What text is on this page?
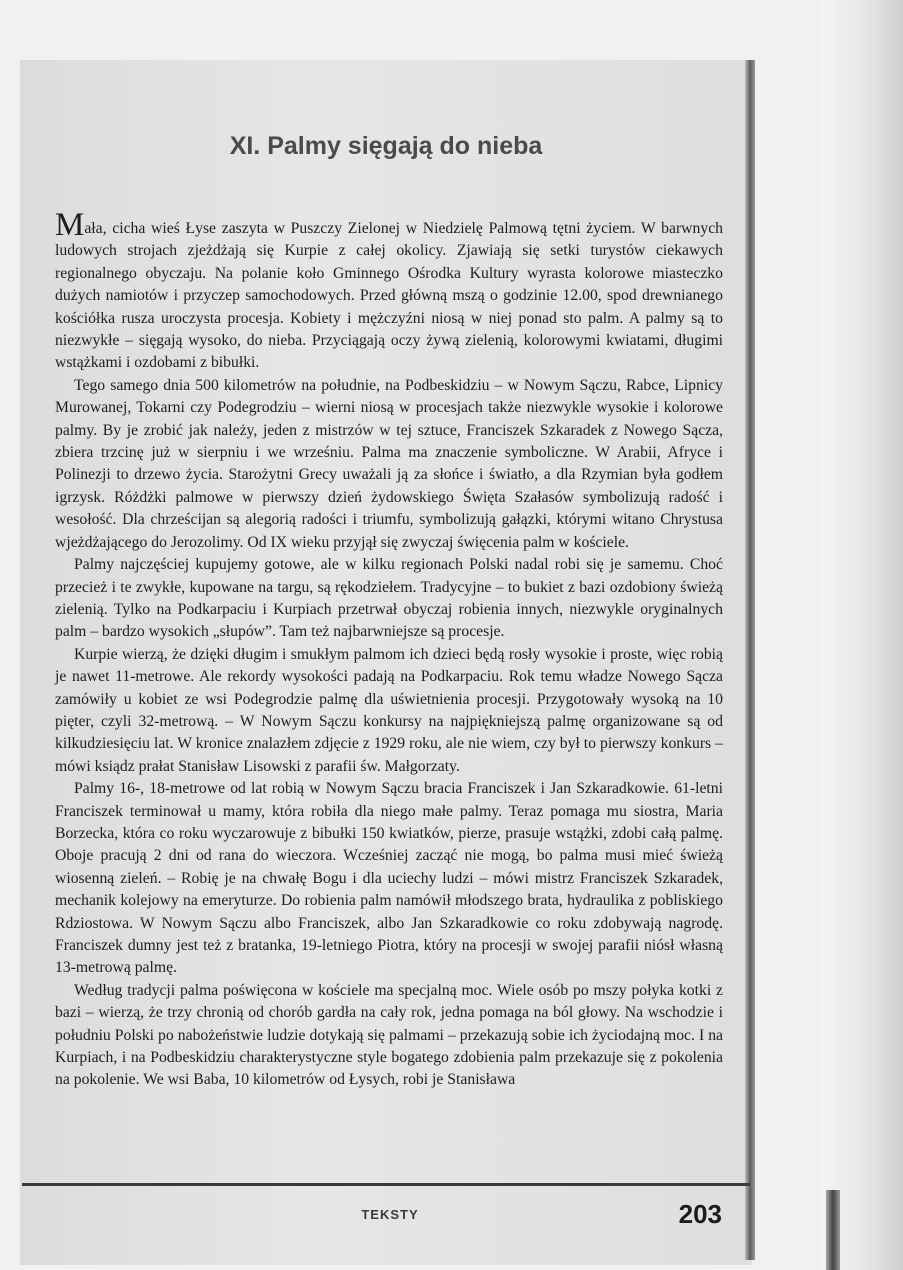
XI. Palmy sięgają do nieba

Mała, cicha wieś Łyse zaszyta w Puszczy Zielonej w Niedzielę Palmową tętni życiem. W barwnych ludowych strojach zjeżdżają się Kurpie z całej okolicy. Zjawiają się setki turystów ciekawych regionalnego obyczaju. Na polanie koło Gminnego Ośrodka Kultury wyrasta kolorowe miasteczko dużych namiotów i przyczep samochodowych. Przed główną mszą o godzinie 12.00, spod drewnianego kościółka rusza uroczysta procesja. Kobiety i mężczyźni niosą w niej ponad sto palm. A palmy są to niezwykłe – sięgają wysoko, do nieba. Przyciągają oczy żywą zielenią, kolorowymi kwiatami, długimi wstążkami i ozdobami z bibułki.

Tego samego dnia 500 kilometrów na południe, na Podbeskidziu – w Nowym Sączu, Rabce, Lipnicy Murowanej, Tokarni czy Podegrodziu – wierni niosą w procesjach także niezwykle wysokie i kolorowe palmy. By je zrobić jak należy, jeden z mistrzów w tej sztuce, Franciszek Szkaradek z Nowego Sącza, zbiera trzcinę już w sierpniu i we wrześniu. Palma ma znaczenie symboliczne. W Arabii, Afryce i Polinezji to drzewo życia. Starożytni Grecy uważali ją za słońce i światło, a dla Rzymian była godłem igrzysk. Różdżki palmowe w pierwszy dzień żydowskiego Święta Szałasów symbolizują radość i wesołość. Dla chrześcijan są alegorią radości i triumfu, symbolizują gałązki, którymi witano Chrystusa wjeżdżającego do Jerozolimy. Od IX wieku przyjął się zwyczaj święcenia palm w kościele.

Palmy najczęściej kupujemy gotowe, ale w kilku regionach Polski nadal robi się je samemu. Choć przecież i te zwykłe, kupowane na targu, są rękodziełem. Tradycyjne – to bukiet z bazi ozdobiony świeżą zielenią. Tylko na Podkarpaciu i Kurpiach przetrwał obyczaj robienia innych, niezwykle oryginalnych palm – bardzo wysokich „słupów”. Tam też najbarwniejsze są procesje.

Kurpie wierzą, że dzięki długim i smukłym palmom ich dzieci będą rosły wysokie i proste, więc robią je nawet 11-metrowe. Ale rekordy wysokości padają na Podkarpaciu. Rok temu władze Nowego Sącza zamówiły u kobiet ze wsi Podegrodzie palmę dla uświetnienia procesji. Przygotowały wysoką na 10 pięter, czyli 32-metrową. – W Nowym Sączu konkursy na najpiękniejszą palmę organizowane są od kilkudziesięciu lat. W kronice znalazłem zdjęcie z 1929 roku, ale nie wiem, czy był to pierwszy konkurs – mówi ksiądz prałat Stanisław Lisowski z parafii św. Małgorzaty.

Palmy 16-, 18-metrowe od lat robią w Nowym Sączu bracia Franciszek i Jan Szkaradkowie. 61-letni Franciszek terminował u mamy, która robiła dla niego małe palmy. Teraz pomaga mu siostra, Maria Borzecka, która co roku wyczarowuje z bibułki 150 kwiatków, pierze, prasuje wstążki, zdobi całą palmę. Oboje pracują 2 dni od rana do wieczora. Wcześniej zacząć nie mogą, bo palma musi mieć świeżą wiosenną zieleń. – Robię je na chwałę Bogu i dla uciechy ludzi – mówi mistrz Franciszek Szkaradek, mechanik kolejowy na emeryturze. Do robienia palm namówił młodszego brata, hydraulika z pobliskiego Rdziostowa. W Nowym Sączu albo Franciszek, albo Jan Szkaradkowie co roku zdobywają nagrodę. Franciszek dumny jest też z bratanka, 19-letniego Piotra, który na procesji w swojej parafii niósł własną 13-metrową palmę.

Według tradycji palma poświęcona w kościele ma specjalną moc. Wiele osób po mszy połyka kotki z bazi – wierzą, że trzy chronią od chorób gardła na cały rok, jedna pomaga na ból głowy. Na wschodzie i południu Polski po nabożeństwie ludzie dotykają się palmami – przekazują sobie ich życiodajną moc. I na Kurpiach, i na Podbeskidziu charakterystyczne style bogatego zdobienia palm przekazuje się z pokolenia na pokolenie. We wsi Baba, 10 kilometrów od Łysych, robi je Stanisława

TEKSTY	203
